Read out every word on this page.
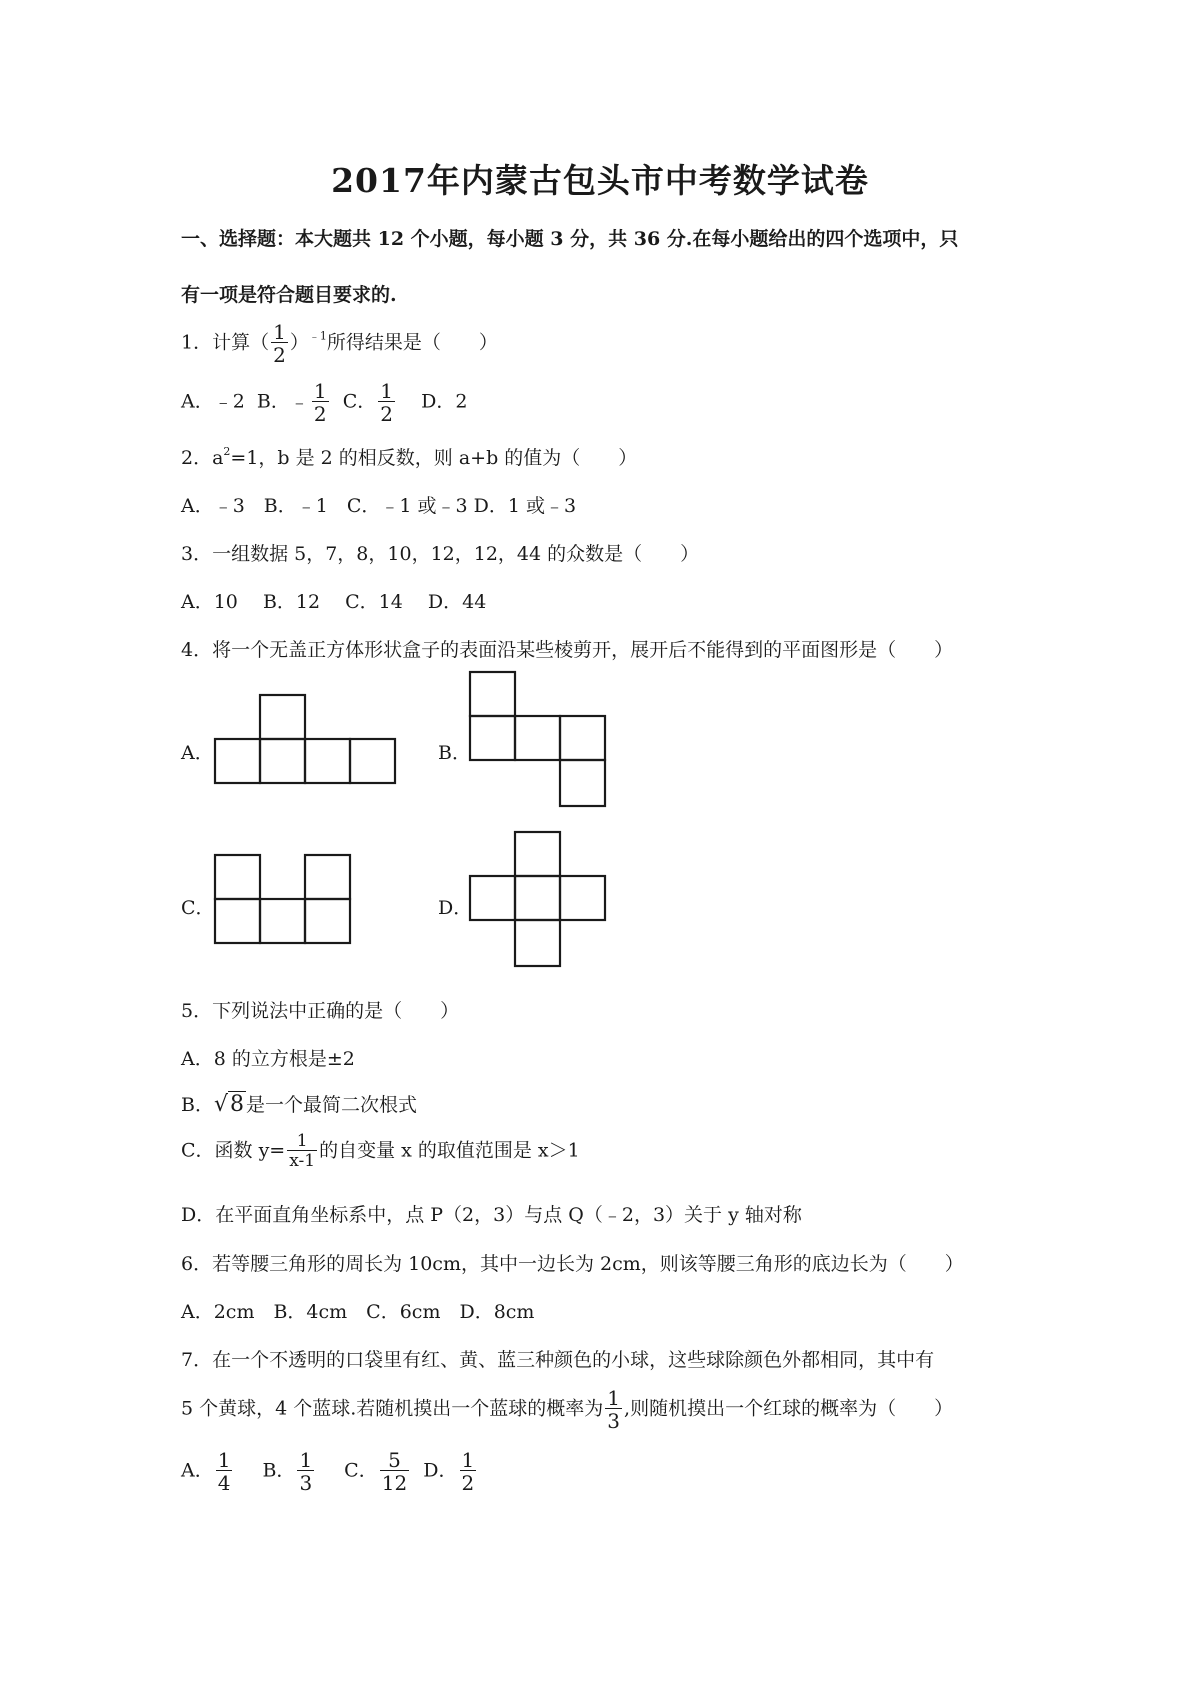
2017年内蒙古包头市中考数学试卷
一、选择题：本大题共 12 个小题，每小题 3 分，共 36 分.在每小题给出的四个选项中，只
有一项是符合题目要求的.
1．计算（ $\frac{1}{2} )^{﹣1}$所得结果是（　　）
A．﹣2 B．﹣ $\frac{1}{2}$ C． $\frac{1}{2}$ D．2
2．$a^2=1$，b 是 2 的相反数，则 a+b 的值为（　　）
A．﹣3　B．﹣1　C．﹣1 或﹣3 D．1 或﹣3
3．一组数据 5，7，8，10，12，12，44 的众数是（　　）
A．10　 B．12　 C．14　 D．44
4．将一个无盖正方体形状盒子的表面沿某些棱剪开，展开后不能得到的平面图形是（　　）
A．	B．
C．	D．
5．下列说法中正确的是（　　）
A．8 的立方根是±2
B．√8 是一个最简二次根式
C．函数 $y= \frac{1}{x-1}$ 的自变量 x 的取值范围是 x＞1
D．在平面直角坐标系中，点 P（2，3）与点 Q（﹣2，3）关于 y 轴对称
6．若等腰三角形的周长为 10cm，其中一边长为 2cm，则该等腰三角形的底边长为（　　）
A．2cm　B．4cm　C．6cm　D．8cm
7．在一个不透明的口袋里有红、黄、蓝三种颜色的小球，这些球除颜色外都相同，其中有
5 个黄球，4 个蓝球.若随机摸出一个蓝球的概率为 $\frac{1}{3}$ ,则随机摸出一个红球的概率为（　　）
A． $\frac{1}{4}$ B． $\frac{1}{3}$ C． $\frac{5}{12}$ D． $\frac{1}{2}$
